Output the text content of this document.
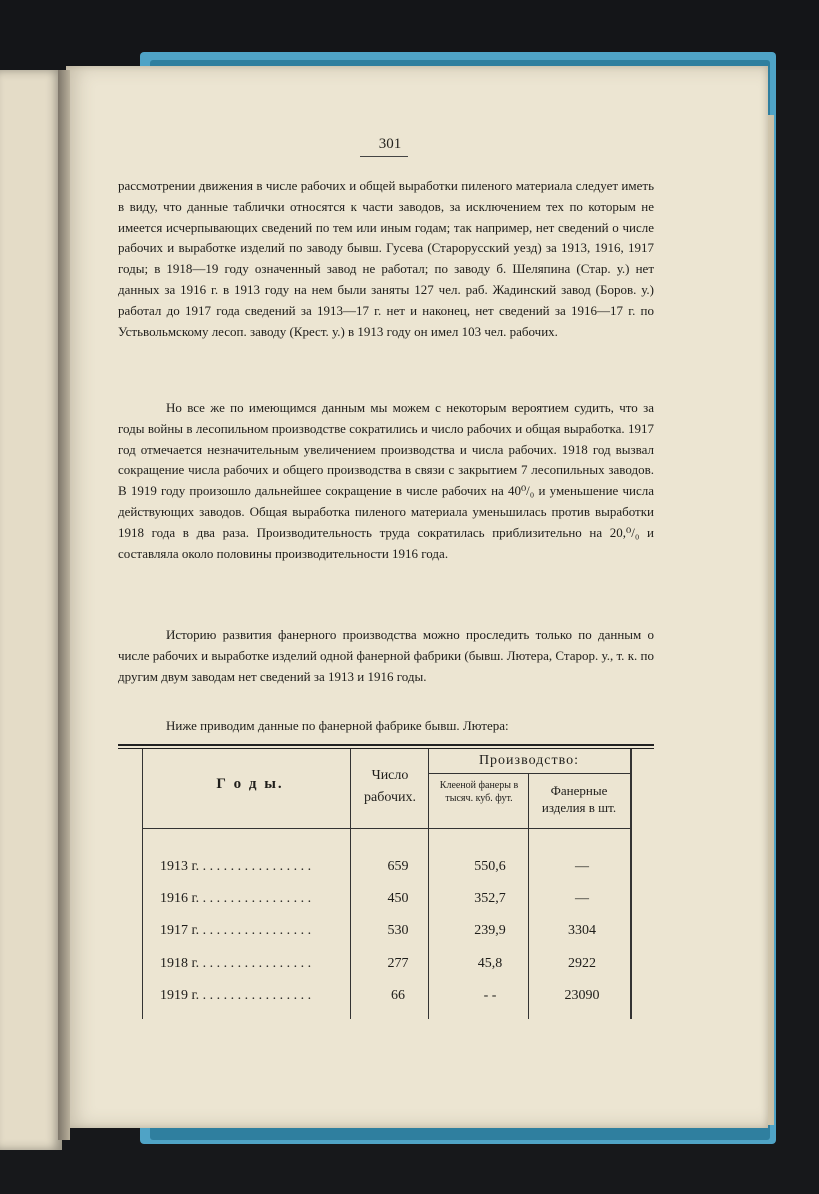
301
рассмотрении движения в числе рабочих и общей выработки пиленого материала следует иметь в виду, что данные таблички относятся к части заводов, за исключением тех по которым не имеется исчерпывающих сведений по тем или иным годам; так например, нет сведений о числе рабочих и выработке изделий по заводу бывш. Гусева (Старорусский уезд) за 1913, 1916, 1917 годы; в 1918—19 году означенный завод не работал; по заводу б. Шеляпина (Стар. у.) нет данных за 1916 г. в 1913 году на нем были заняты 127 чел. раб. Жадинский завод (Боров. у.) работал до 1917 года сведений за 1913—17 г. нет и наконец, нет сведений за 1916—17 г. по Устьвольмскому лесоп. заводу (Крест. у.) в 1913 году он имел 103 чел. рабочих.
Но все же по имеющимся данным мы можем с некоторым вероятием судить, что за годы войны в лесопильном производстве сократились и число рабочих и общая выработка. 1917 год отмечается незначительным увеличением производства и числа рабочих. 1918 год вызвал сокращение числа рабочих и общего производства в связи с закрытием 7 лесопильных заводов. В 1919 году произошло дальнейшее сокращение в числе рабочих на 40⁰/₀ и уменьшение числа действующих заводов. Общая выработка пиленого материала уменьшилась против выработки 1918 года в два раза. Производительность труда сократилась приблизительно на 20,⁰/₀ и составляла около половины производительности 1916 года.
Историю развития фанерного производства можно проследить только по данным о числе рабочих и выработке изделий одной фанерной фабрики (бывш. Лютера, Старор. у., т. к. по другим двум заводам нет сведений за 1913 и 1916 годы.
Ниже приводим данные по фанерной фабрике бывш. Лютера:
Г о д ы.
Число рабочих.
Производство:
Клееной фанеры в тысяч. куб. фут.
Фанерные изделия в шт.
1913 г. . . . . . . . . . . . . . . . .	659	550,6	—
1916 г. . . . . . . . . . . . . . . . .	450	352,7	—
1917 г. . . . . . . . . . . . . . . . .	530	239,9	3304
1918 г. . . . . . . . . . . . . . . . .	277	45,8	2922
1919 г. . . . . . . . . . . . . . . . .	66	- -	23090
